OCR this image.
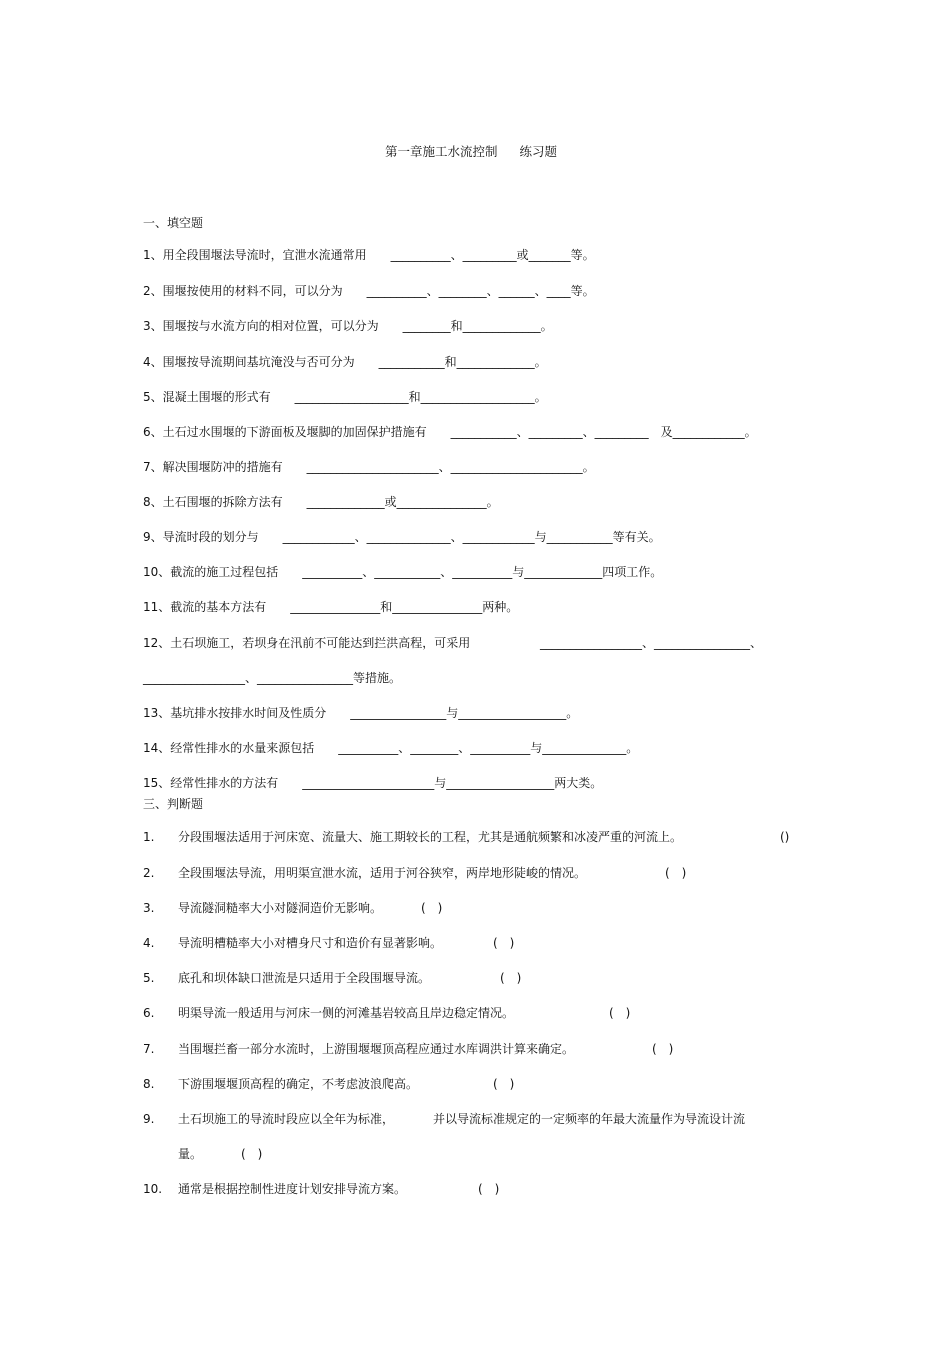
第一章施工水流控制 练习题
一、填空题
1、用全段围堰法导流时，宜泄水流通常用　　__________、_________或_______等。
2、围堰按使用的材料不同，可以分为　　__________、________、______、____等。
3、围堰按与水流方向的相对位置，可以分为　　________和_____________。
4、围堰按导流期间基坑淹没与否可分为　　___________和_____________。
5、混凝土围堰的形式有　　___________________和___________________。
6、土石过水围堰的下游面板及堰脚的加固保护措施有　　___________、_________、_________　及____________。
7、解决围堰防冲的措施有　　______________________、______________________。
8、土石围堰的拆除方法有　　_____________或_______________。
9、导流时段的划分与　　____________、______________、____________与___________等有关。
10、截流的施工过程包括　　__________、___________、__________与_____________四项工作。
11、截流的基本方法有　　_______________和_______________两种。
12、土石坝施工，若坝身在汛前不可能达到拦洪高程，可采用	_________________、________________、
_________________、________________等措施。
13、基坑排水按排水时间及性质分　　________________与__________________。
14、经常性排水的水量来源包括　　__________、________、__________与______________。
15、经常性排水的方法有　　______________________与__________________两大类。
三、判断题
1. 分段围堰法适用于河床宽、流量大、施工期较长的工程，尤其是通航频繁和冰凌严重的河流上。	()
2. 全段围堰法导流，用明渠宣泄水流，适用于河谷狭窄，两岸地形陡峻的情况。	(　)
3. 导流隧洞糙率大小对隧洞造价无影响。	(　)
4. 导流明槽糙率大小对槽身尺寸和造价有显著影响。	(　)
5. 底孔和坝体缺口泄流是只适用于全段围堰导流。	(　)
6. 明渠导流一般适用与河床一侧的河滩基岩较高且岸边稳定情况。	(　)
7. 当围堰拦畜一部分水流时，上游围堰堰顶高程应通过水库调洪计算来确定。	(　)
8. 下游围堰堰顶高程的确定，不考虑波浪爬高。	(　)
9. 土石坝施工的导流时段应以全年为标准，	并以导流标准规定的一定频率的年最大流量作为导流设计流
量。	(　)
10. 通常是根据控制性进度计划安排导流方案。	(　)
